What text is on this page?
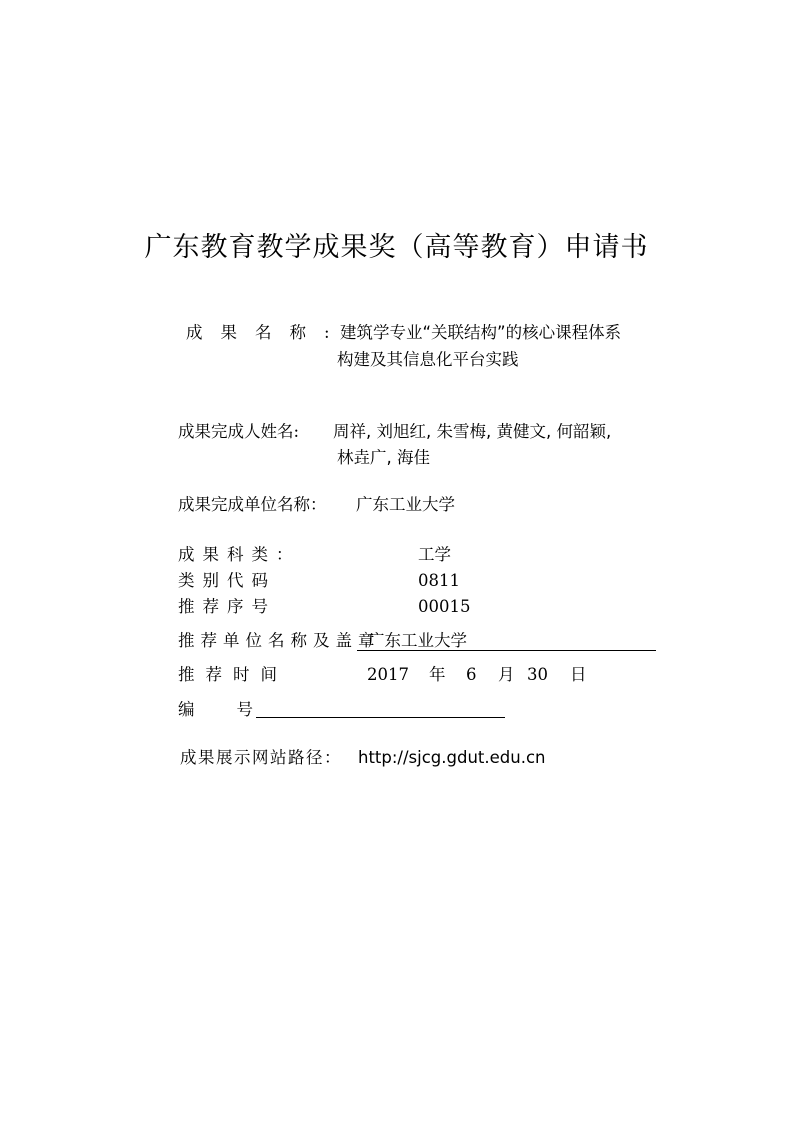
广东教育教学成果奖（高等教育）申请书
成果名称:
建筑学专业“关联结构”的核心课程体系
构建及其信息化平台实践
成果完成人姓名: 周祥, 刘旭红, 朱雪梅, 黄健文, 何韶颖,
林垚广, 海佳
成果完成单位名称： 广东工业大学
成果科类：	工学
类别代码	0811
推荐序号	00015
推荐单位名称及盖章
广东工业大学
推荐时间	2017 年 6 月 30 日
编号
成果展示网站路径： http://sjcg.gdut.edu.cn
